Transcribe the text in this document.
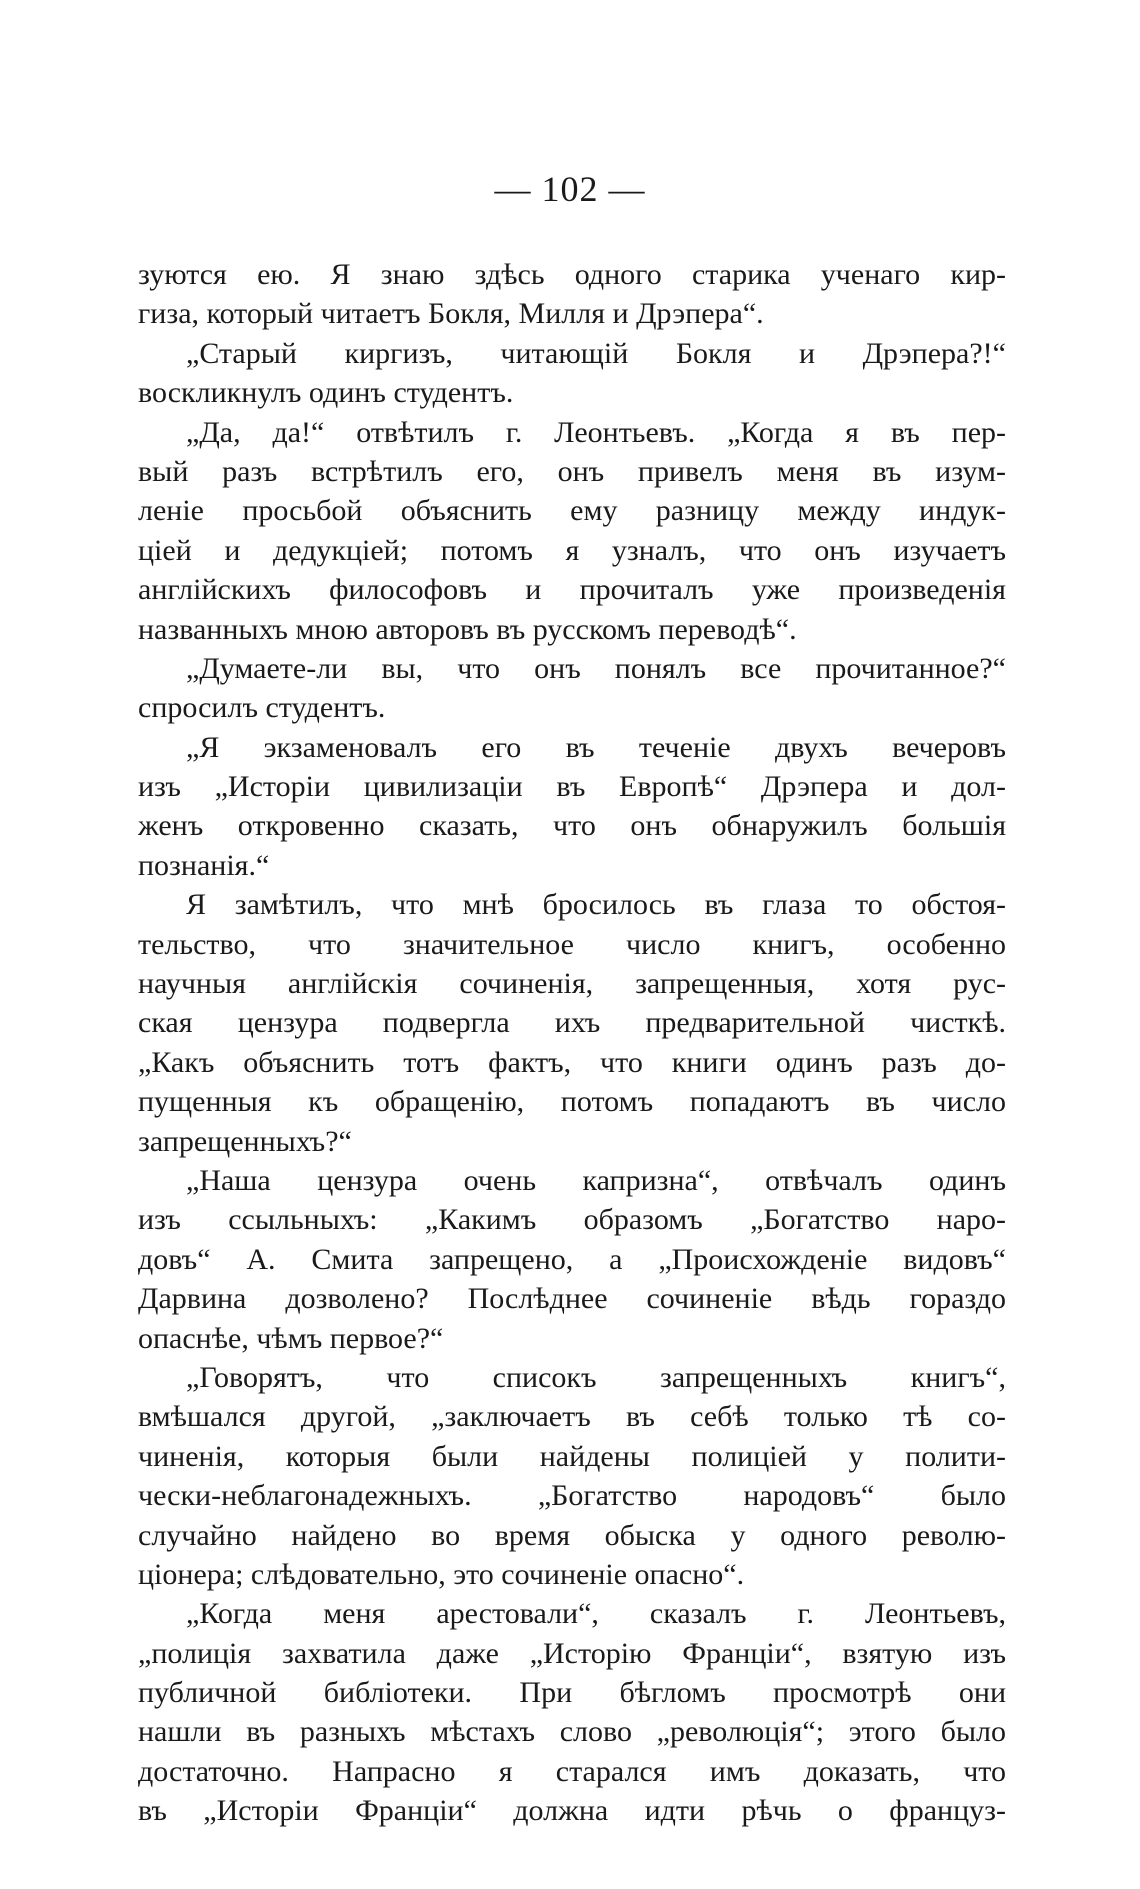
— 102 —
зуются ею. Я знаю здѣсь одного старика ученаго кир-
гиза, который читаетъ Бокля, Милля и Дрэпера“.
„Старый киргизъ, читающій Бокля и Дрэпера?!“
воскликнулъ одинъ студентъ.
„Да, да!“ отвѣтилъ г. Леонтьевъ. „Когда я въ пер-
вый разъ встрѣтилъ его, онъ привелъ меня въ изум-
леніе просьбой объяснить ему разницу между индук-
ціей и дедукціей; потомъ я узналъ, что онъ изучаетъ
англійскихъ философовъ и прочиталъ уже произведенія
названныхъ мною авторовъ въ русскомъ переводѣ“.
„Думаете-ли вы, что онъ понялъ все прочитанное?“
спросилъ студентъ.
„Я экзаменовалъ его въ теченіе двухъ вечеровъ
изъ „Исторіи цивилизаціи въ Европѣ“ Дрэпера и дол-
женъ откровенно сказать, что онъ обнаружилъ большія
познанія.“
Я замѣтилъ, что мнѣ бросилось въ глаза то обстоя-
тельство, что значительное число книгъ, особенно
научныя англійскія сочиненія, запрещенныя, хотя рус-
ская цензура подвергла ихъ предварительной чисткѣ.
„Какъ объяснить тотъ фактъ, что книги одинъ разъ до-
пущенныя къ обращенію, потомъ попадаютъ въ число
запрещенныхъ?“
„Наша цензура очень капризна“, отвѣчалъ одинъ
изъ ссыльныхъ: „Какимъ образомъ „Богатство наро-
довъ“ А. Смита запрещено, а „Происхожденіе видовъ“
Дарвина дозволено? Послѣднее сочиненіе вѣдь гораздо
опаснѣе, чѣмъ первое?“
„Говорятъ, что списокъ запрещенныхъ книгъ“,
вмѣшался другой, „заключаетъ въ себѣ только тѣ со-
чиненія, которыя были найдены полиціей у полити-
чески-неблагонадежныхъ. „Богатство народовъ“ было
случайно найдено во время обыска у одного револю-
ціонера; слѣдовательно, это сочиненіе опасно“.
„Когда меня арестовали“, сказалъ г. Леонтьевъ,
„полиція захватила даже „Исторію Франціи“, взятую изъ
публичной библіотеки. При бѣгломъ просмотрѣ они
нашли въ разныхъ мѣстахъ слово „революція“; этого было
достаточно. Напрасно я старался имъ доказать, что
въ „Исторіи Франціи“ должна идти рѣчь о француз-
